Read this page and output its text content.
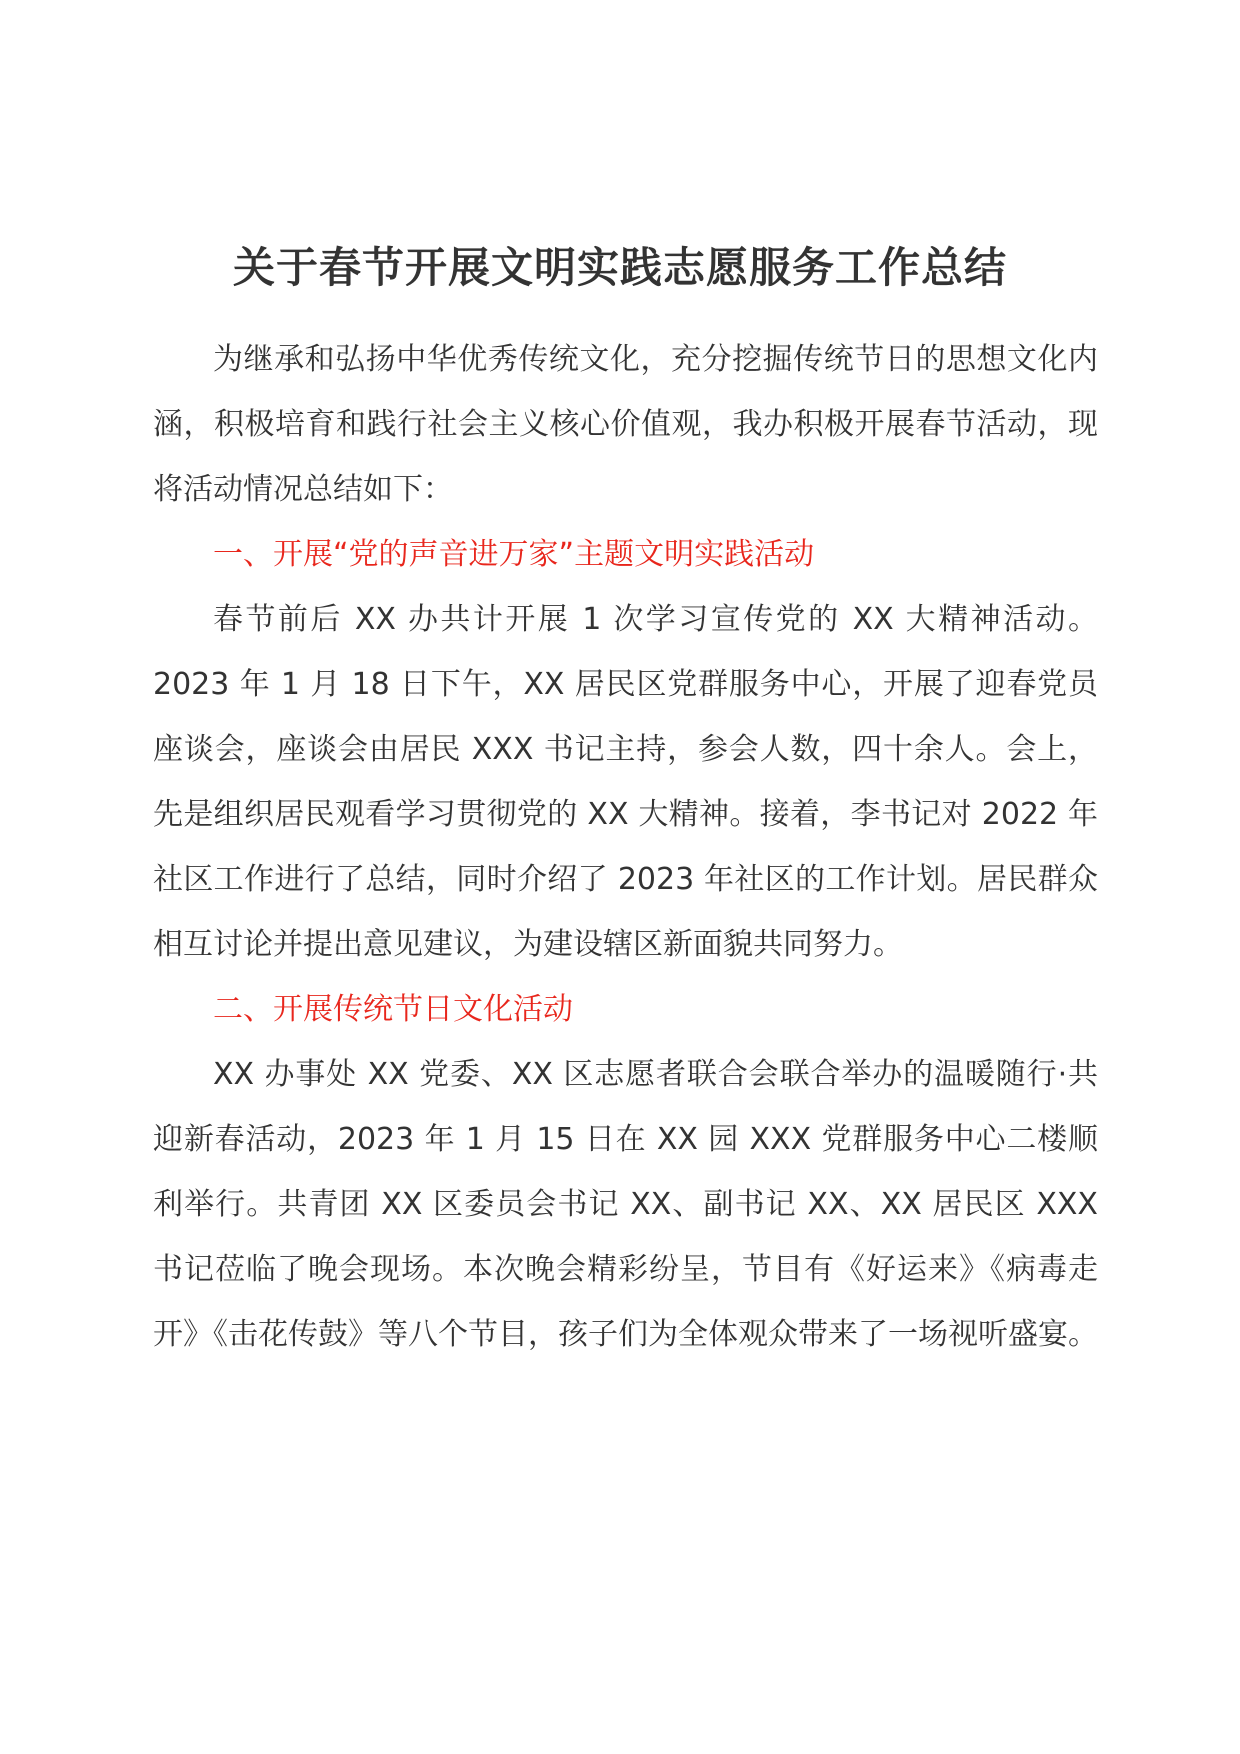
关于春节开展文明实践志愿服务工作总结

为继承和弘扬中华优秀传统文化，充分挖掘传统节日的思想文化内涵，积极培育和践行社会主义核心价值观，我办积极开展春节活动，现将活动情况总结如下：

一、开展“党的声音进万家”主题文明实践活动

春节前后 XX 办共计开展 1 次学习宣传党的 XX 大精神活动。2023 年 1 月 18 日下午，XX 居民区党群服务中心，开展了迎春党员座谈会，座谈会由居民 XXX 书记主持，参会人数，四十余人。会上，先是组织居民观看学习贯彻党的 XX 大精神。接着，李书记对 2022 年社区工作进行了总结，同时介绍了 2023 年社区的工作计划。居民群众相互讨论并提出意见建议，为建设辖区新面貌共同努力。

二、开展传统节日文化活动

XX 办事处 XX 党委、XX 区志愿者联合会联合举办的温暖随行·共迎新春活动，2023 年 1 月 15 日在 XX 园 XXX 党群服务中心二楼顺利举行。共青团 XX 区委员会书记 XX、副书记 XX、XX 居民区 XXX 书记莅临了晚会现场。本次晚会精彩纷呈，节目有《好运来》《病毒走开》《击花传鼓》等八个节目，孩子们为全体观众带来了一场视听盛宴。
